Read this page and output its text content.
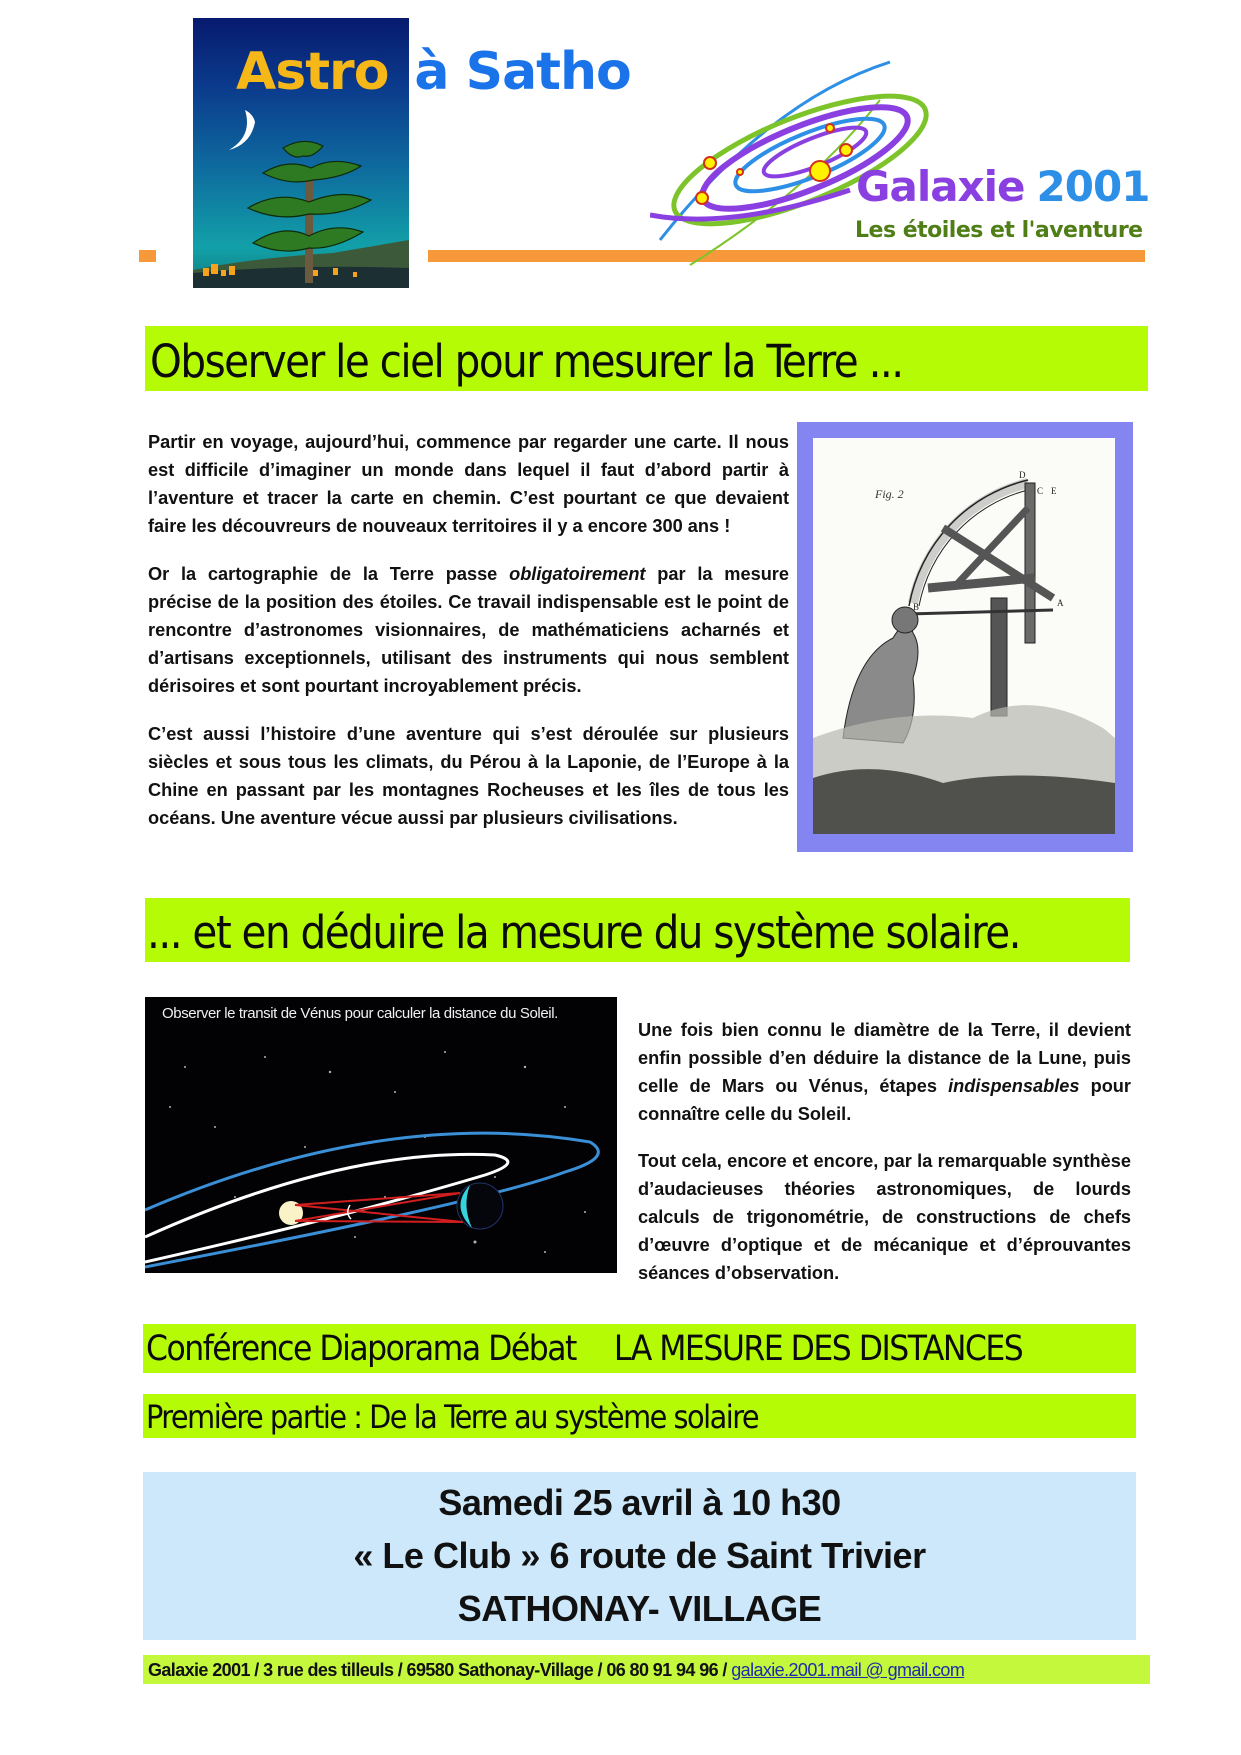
Astro à Satho
Galaxie 2001
Les étoiles et l'aventure
Observer le ciel pour mesurer la Terre ...

Partir en voyage, aujourd’hui, commence par regarder une carte. Il nous est difficile d’imaginer un monde dans lequel il faut d’abord partir à l’aventure et tracer la carte en chemin. C’est pourtant ce que devaient faire les découvreurs de nouveaux territoires il y a encore 300 ans !

Or la cartographie de la Terre passe obligatoirement par la mesure précise de la position des étoiles. Ce travail indispensable est le point de rencontre d’astronomes visionnaires, de mathématiciens acharnés et d’artisans exceptionnels, utilisant des instruments qui nous semblent dérisoires et sont pourtant incroyablement précis.

C’est aussi l’histoire d’une aventure qui s’est déroulée sur plusieurs siècles et sous tous les climats, du Pérou à la Laponie, de l’Europe à la Chine en passant par les montagnes Rocheuses et les îles de tous les océans. Une aventure vécue aussi par plusieurs civilisations.

Fig. 2
D
C E
B	A
... et en déduire la mesure du système solaire.
Observer le transit de Vénus pour calculer la distance du Soleil.

Une fois bien connu le diamètre de la Terre, il devient enfin possible d’en déduire la distance de la Lune, puis celle de Mars ou Vénus, étapes indispensables pour connaître celle du Soleil.

Tout cela, encore et encore, par la remarquable synthèse d’audacieuses théories astronomiques, de lourds calculs de trigonométrie, de constructions de chefs d’œuvre d’optique et de mécanique et d’éprouvantes séances d’observation.

Conférence Diaporama Débat LA MESURE DES DISTANCES
Première partie : De la Terre au système solaire
Samedi 25 avril à 10 h30
« Le Club » 6 route de Saint Trivier
SATHONAY- VILLAGE
Galaxie 2001 / 3 rue des tilleuls / 69580 Sathonay-Village / 06 80 91 94 96 / galaxie.2001.mail @ gmail.com
